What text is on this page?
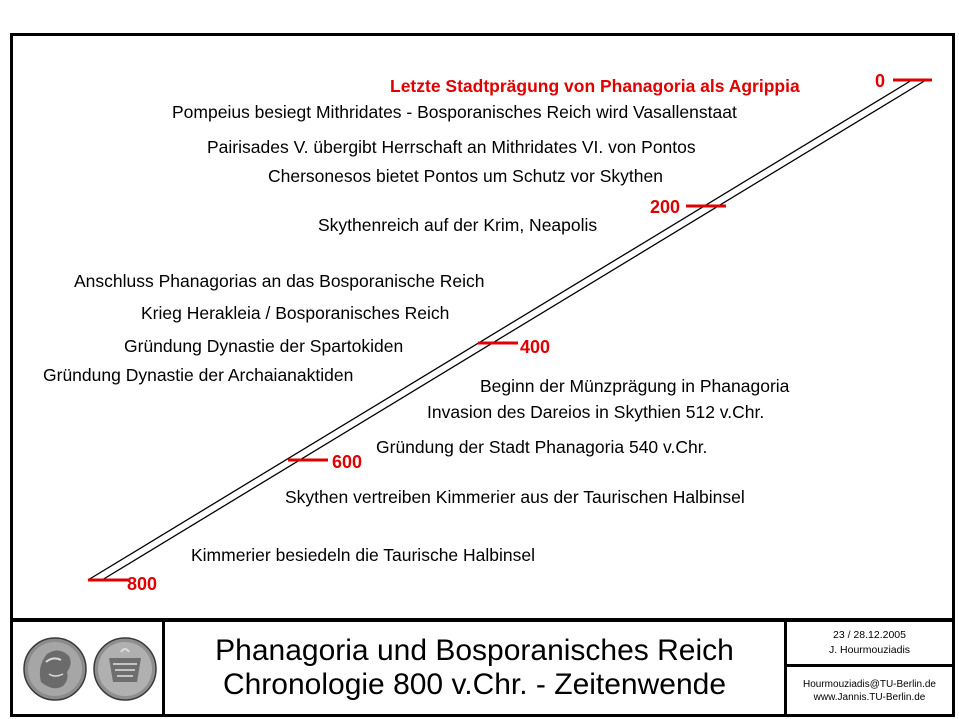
0
200
400
600
800
Letzte Stadtprägung von Phanagoria als Agrippia
Pompeius besiegt Mithridates - Bosporanisches Reich wird Vasallenstaat
Pairisades V. übergibt Herrschaft an Mithridates VI. von Pontos
Chersonesos bietet Pontos um Schutz vor Skythen
Skythenreich auf der Krim, Neapolis
Anschluss Phanagorias an das Bosporanische Reich
Krieg Herakleia / Bosporanisches Reich
Gründung Dynastie der Spartokiden
Gründung Dynastie der Archaianaktiden
Beginn der Münzprägung in Phanagoria
Invasion des Dareios in Skythien 512 v.Chr.
Gründung der Stadt Phanagoria 540 v.Chr.
Skythen vertreiben Kimmerier aus der Taurischen Halbinsel
Kimmerier besiedeln die Taurische Halbinsel
Phanagoria und Bosporanisches Reich
Chronologie 800 v.Chr. - Zeitenwende
23 / 28.12.2005
J. Hourmouziadis
Hourmouziadis@TU-Berlin.de
www.Jannis.TU-Berlin.de
